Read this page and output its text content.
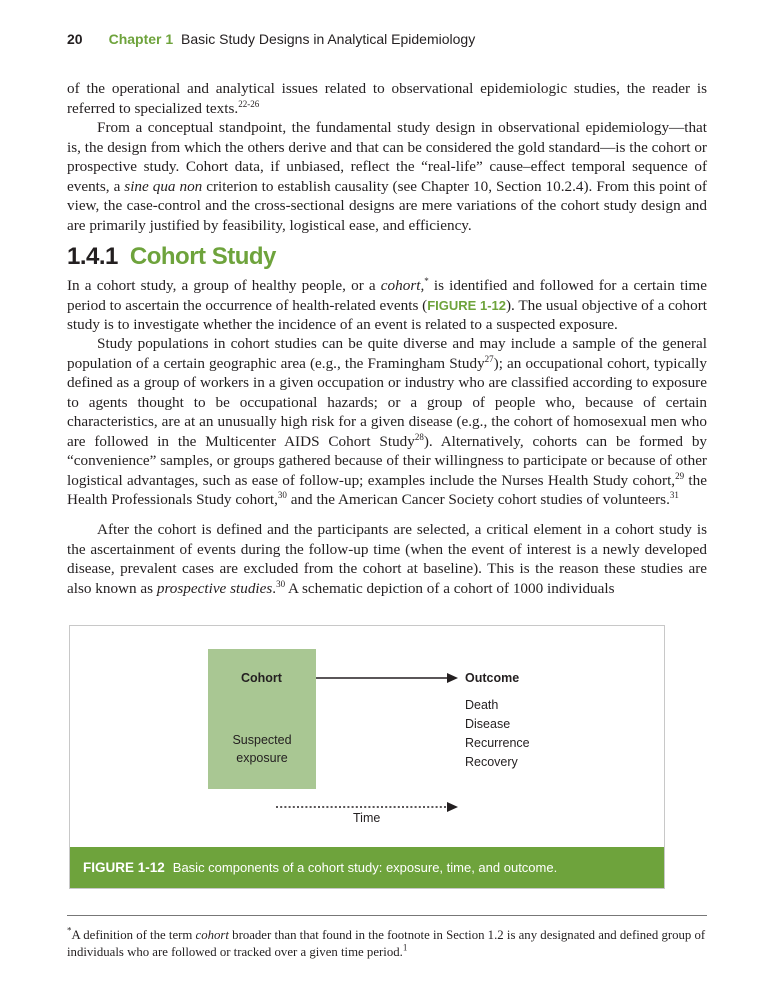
20 Chapter 1 Basic Study Designs in Analytical Epidemiology

of the operational and analytical issues related to observational epidemiologic studies, the reader is referred to specialized texts.$^{22-26}$

From a conceptual standpoint, the fundamental study design in observational epidemiology—that is, the design from which the others derive and that can be considered the gold standard—is the cohort or prospective study. Cohort data, if unbiased, reflect the “real-life” cause–effect temporal sequence of events, a sine qua non criterion to establish causality (see Chapter 10, Section 10.2.4). From this point of view, the case-control and the cross-sectional designs are mere variations of the cohort study design and are primarily justified by feasibility, logistical ease, and efficiency.

1.4.1 Cohort Study

In a cohort study, a group of healthy people, or a cohort,* is identified and followed for a certain time period to ascertain the occurrence of health-related events (FIGURE 1-12). The usual objective of a cohort study is to investigate whether the incidence of an event is related to a suspected exposure.

Study populations in cohort studies can be quite diverse and may include a sample of the general population of a certain geographic area (e.g., the Framingham Study$^{27}$); an occupational cohort, typically defined as a group of workers in a given occupation or industry who are classified according to exposure to agents thought to be occupational hazards; or a group of people who, because of certain characteristics, are at an unusually high risk for a given disease (e.g., the cohort of homosexual men who are followed in the Multicenter AIDS Cohort Study$^{28}$). Alternatively, cohorts can be formed by “convenience” samples, or groups gathered because of their willingness to participate or because of other logistical advantages, such as ease of follow-up; examples include the Nurses Health Study cohort,$^{29}$ the Health Professionals Study cohort,$^{30}$ and the American Cancer Society cohort studies of volunteers.$^{31}$

After the cohort is defined and the participants are selected, a critical element in a cohort study is the ascertainment of events during the follow-up time (when the event of interest is a newly developed disease, prevalent cases are excluded from the cohort at baseline). This is the reason these studies are also known as prospective studies.$^{30}$ A schematic depiction of a cohort of 1000 individuals

Cohort
Suspected
exposure
Outcome
Death
Disease
Recurrence
Recovery
Time
FIGURE 1-12 Basic components of a cohort study: exposure, time, and outcome.

*A definition of the term cohort broader than that found in the footnote in Section 1.2 is any designated and defined group of individuals who are followed or tracked over a given time period.$^1$
